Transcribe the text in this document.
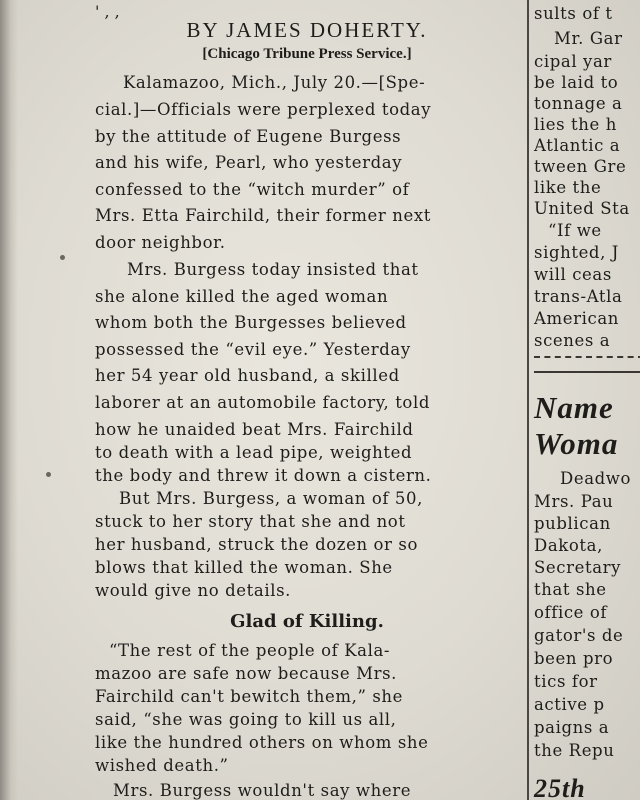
' , ,
BY JAMES DOHERTY.
[Chicago Tribune Press Service.]
Kalamazoo, Mich., July 20.—[Spe-
cial.]—Officials were perplexed today
by the attitude of Eugene Burgess
and his wife, Pearl, who yesterday
confessed to the “witch murder” of
Mrs. Etta Fairchild, their former next
door neighbor.
Mrs. Burgess today insisted that
she alone killed the aged woman
whom both the Burgesses believed
possessed the “evil eye.” Yesterday
her 54 year old husband, a skilled
laborer at an automobile factory, told
how he unaided beat Mrs. Fairchild
to death with a lead pipe, weighted
the body and threw it down a cistern.
But Mrs. Burgess, a woman of 50,
stuck to her story that she and not
her husband, struck the dozen or so
blows that killed the woman. She
would give no details.
Glad of Killing.
“The rest of the people of Kala-
mazoo are safe now because Mrs.
Fairchild can't bewitch them,” she
said, “she was going to kill us all,
like the hundred others on whom she
wished death.”
Mrs. Burgess wouldn't say where
sults of t
Mr. Gar
cipal yar
be laid to
tonnage a
lies the h
Atlantic a
tween Gre
like the
United Sta
“If we
sighted, J
will ceas
trans-Atla
American
scenes a
Name
Woma
Deadwo
Mrs. Pau
publican
Dakota,
Secretary
that she
office of
gator's de
been pro
tics for
active p
paigns a
the Repu
25th
